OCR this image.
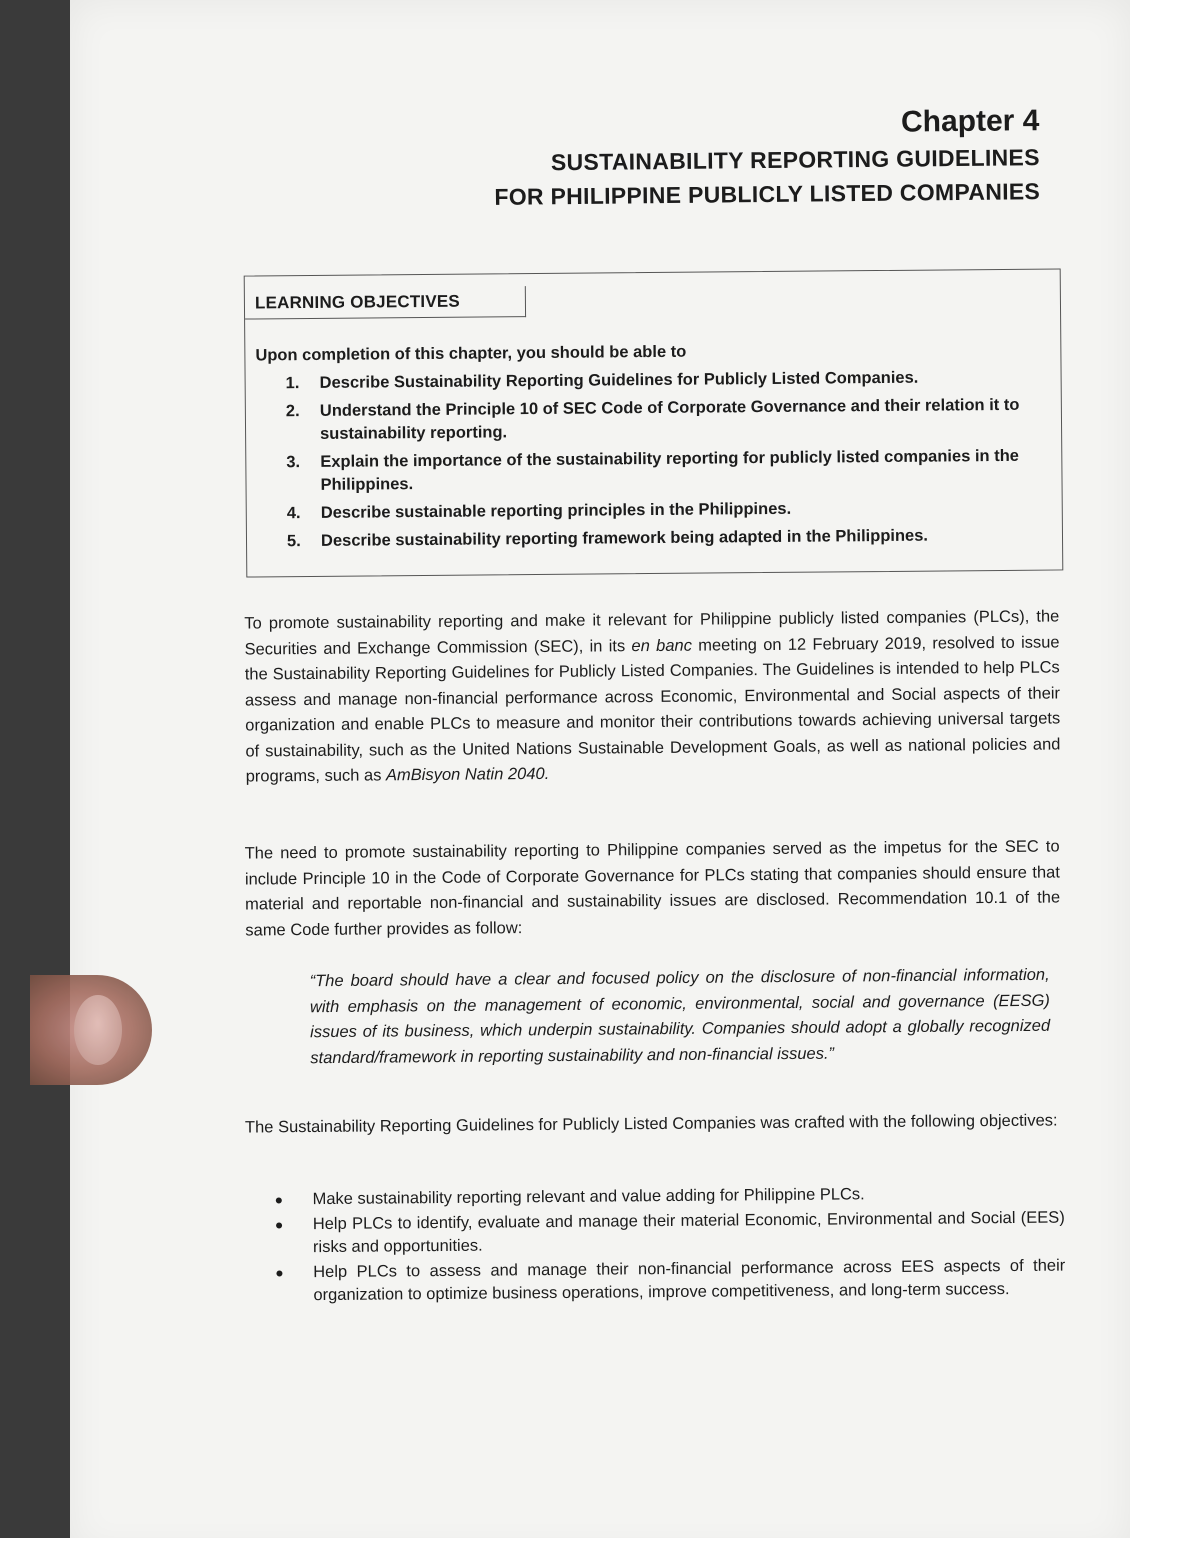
Chapter 4
SUSTAINABILITY REPORTING GUIDELINES
FOR PHILIPPINE PUBLICLY LISTED COMPANIES
LEARNING OBJECTIVES
Upon completion of this chapter, you should be able to
1.	Describe Sustainability Reporting Guidelines for Publicly Listed Companies.
2.	Understand the Principle 10 of SEC Code of Corporate Governance and their relation it to sustainability reporting.
3.	Explain the importance of the sustainability reporting for publicly listed companies in the Philippines.
4.	Describe sustainable reporting principles in the Philippines.
5.	Describe sustainability reporting framework being adapted in the Philippines.

To promote sustainability reporting and make it relevant for Philippine publicly listed companies (PLCs), the Securities and Exchange Commission (SEC), in its en banc meeting on 12 February 2019, resolved to issue the Sustainability Reporting Guidelines for Publicly Listed Companies. The Guidelines is intended to help PLCs assess and manage non-financial performance across Economic, Environmental and Social aspects of their organization and enable PLCs to measure and monitor their contributions towards achieving universal targets of sustainability, such as the United Nations Sustainable Development Goals, as well as national policies and programs, such as AmBisyon Natin 2040.

The need to promote sustainability reporting to Philippine companies served as the impetus for the SEC to include Principle 10 in the Code of Corporate Governance for PLCs stating that companies should ensure that material and reportable non-financial and sustainability issues are disclosed. Recommendation 10.1 of the same Code further provides as follow:

“The board should have a clear and focused policy on the disclosure of non-financial information, with emphasis on the management of economic, environmental, social and governance (EESG) issues of its business, which underpin sustainability. Companies should adopt a globally recognized standard/framework in reporting sustainability and non-financial issues.”

The Sustainability Reporting Guidelines for Publicly Listed Companies was crafted with the following objectives:

●	Make sustainability reporting relevant and value adding for Philippine PLCs.
●	Help PLCs to identify, evaluate and manage their material Economic, Environmental and Social (EES) risks and opportunities.
●	Help PLCs to assess and manage their non-financial performance across EES aspects of their organization to optimize business operations, improve competitiveness, and long-term success.
